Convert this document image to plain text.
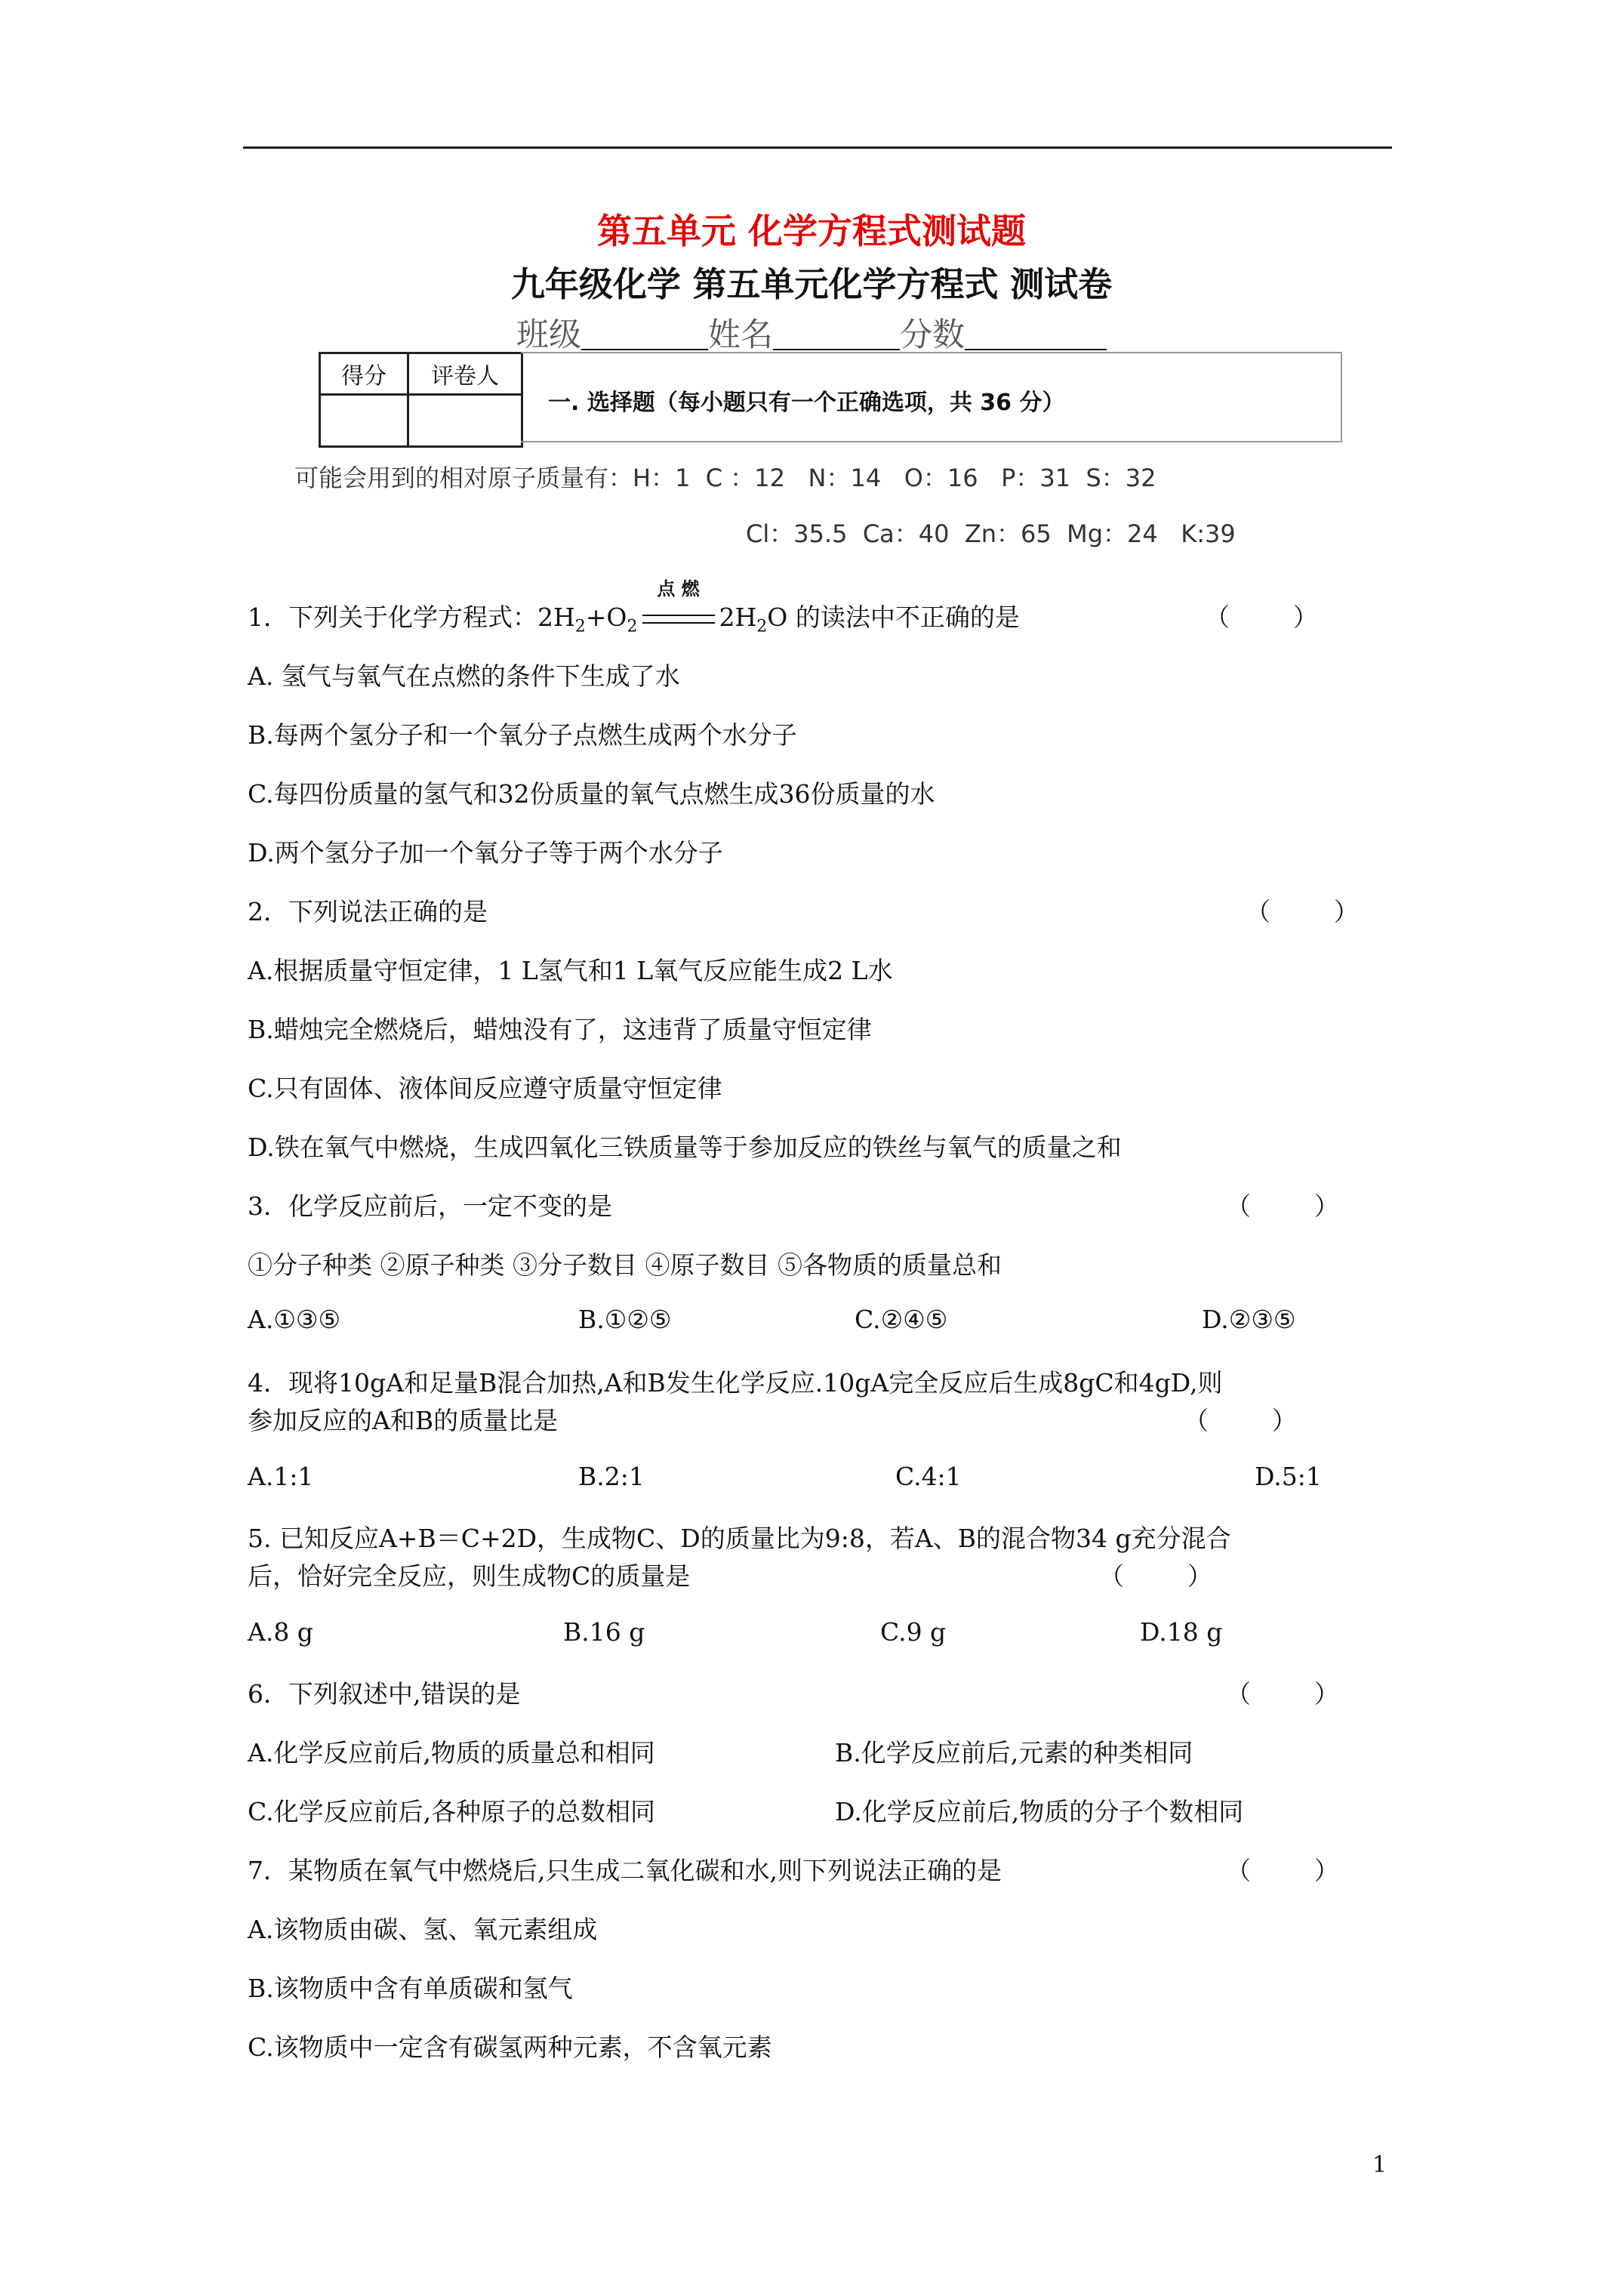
第五单元 化学方程式测试题
九年级化学 第五单元化学方程式 测试卷
班级	姓名	分数
得分	评卷人

一. 选择题（每小题只有一个正确选项，共 36 分）
可能会用到的相对原子质量有：H：1  C ：12   N：14   O：16   P：31  S：32
Cl：35.5  Ca：40  Zn：65  Mg：24   K:39
1．下列关于化学方程式：$2H_2+O_2$
点 燃
$2H_2O$ 的读法中不正确的是	（        ）
A. 氢气与氧气在点燃的条件下生成了水
B.每两个氢分子和一个氧分子点燃生成两个水分子
C.每四份质量的氢气和32份质量的氧气点燃生成36份质量的水
D.两个氢分子加一个氧分子等于两个水分子
2．下列说法正确的是	（        ）
A.根据质量守恒定律，1 L氢气和1 L氧气反应能生成2 L水
B.蜡烛完全燃烧后，蜡烛没有了，这违背了质量守恒定律
C.只有固体、液体间反应遵守质量守恒定律
D.铁在氧气中燃烧，生成四氧化三铁质量等于参加反应的铁丝与氧气的质量之和
3．化学反应前后，一定不变的是	（        ）
①分子种类 ②原子种类 ③分子数目 ④原子数目 ⑤各物质的质量总和
A.①③⑤	B.①②⑤	C.②④⑤	D.②③⑤
4．现将10gA和足量B混合加热,A和B发生化学反应.10gA完全反应后生成8gC和4gD,则
参加反应的A和B的质量比是	（        ）
A.1:1	B.2:1	C.4:1	D.5:1
5. 已知反应A+B＝C+2D，生成物C、D的质量比为9:8，若A、B的混合物34 g充分混合
后，恰好完全反应，则生成物C的质量是	（        ）
A.8 g	B.16 g	C.9 g	D.18 g
6．下列叙述中,错误的是	（        ）
A.化学反应前后,物质的质量总和相同	B.化学反应前后,元素的种类相同
C.化学反应前后,各种原子的总数相同	D.化学反应前后,物质的分子个数相同
7．某物质在氧气中燃烧后,只生成二氧化碳和水,则下列说法正确的是	（        ）
A.该物质由碳、氢、氧元素组成
B.该物质中含有单质碳和氢气
C.该物质中一定含有碳氢两种元素，不含氧元素
1
